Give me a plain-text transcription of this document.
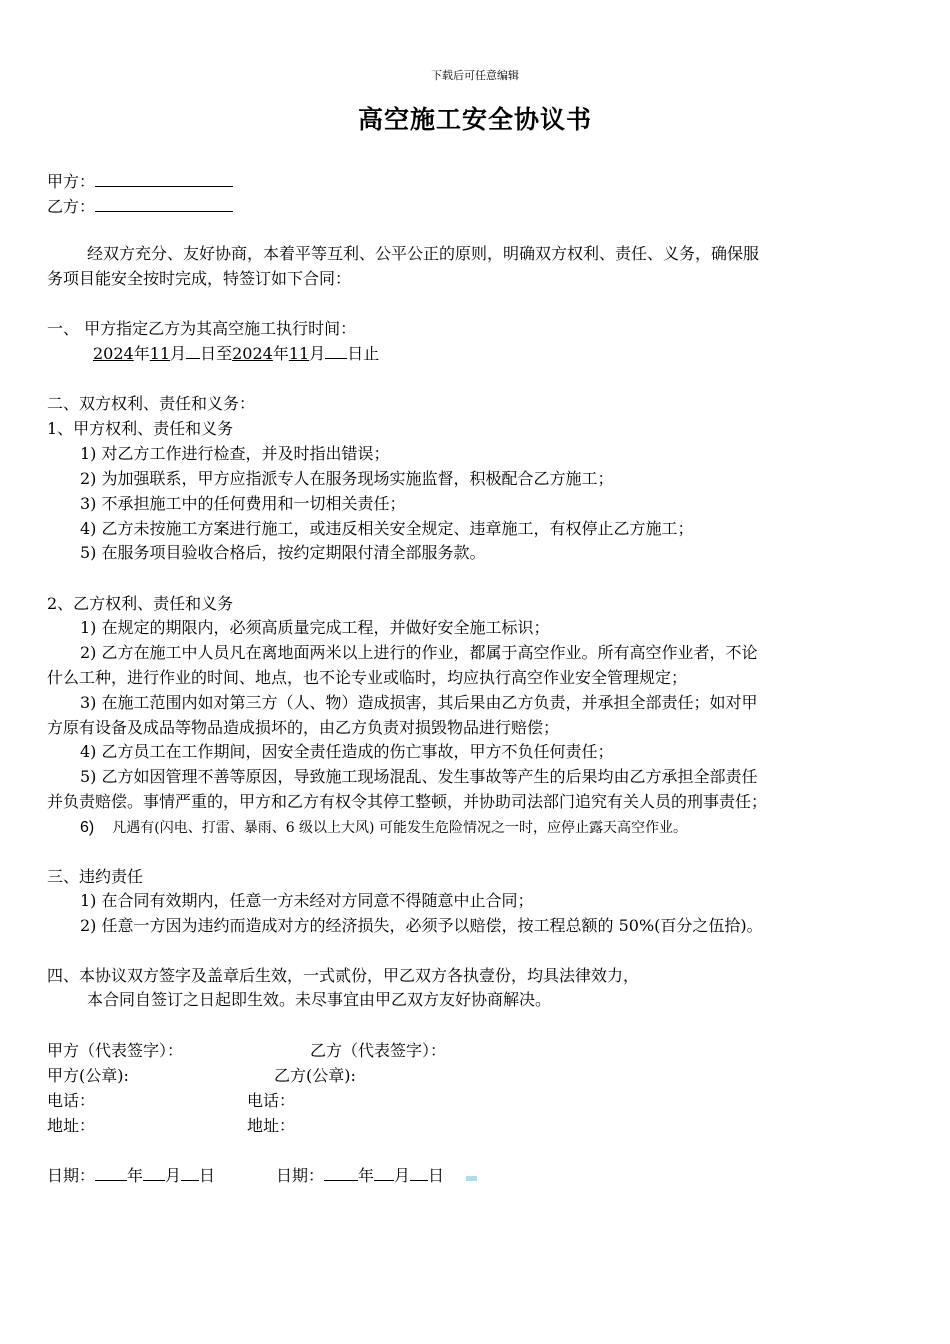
下载后可任意编辑
高空施工安全协议书
甲方：
乙方：
经双方充分、友好协商，本着平等互利、公平公正的原则，明确双方权利、责任、义务，确保服
务项目能安全按时完成，特签订如下合同：
一、 甲方指定乙方为其高空施工执行时间：
2024年11月 日至2024年11月 日止
二、双方权利、责任和义务：
1、甲方权利、责任和义务
1) 对乙方工作进行检查，并及时指出错误；
2) 为加强联系，甲方应指派专人在服务现场实施监督，积极配合乙方施工；
3) 不承担施工中的任何费用和一切相关责任；
4) 乙方未按施工方案进行施工，或违反相关安全规定、违章施工，有权停止乙方施工；
5) 在服务项目验收合格后，按约定期限付清全部服务款。
2、乙方权利、责任和义务
1) 在规定的期限内，必须高质量完成工程，并做好安全施工标识；
2) 乙方在施工中人员凡在离地面两米以上进行的作业，都属于高空作业。所有高空作业者，不论
什么工种，进行作业的时间、地点，也不论专业或临时，均应执行高空作业安全管理规定；
3) 在施工范围内如对第三方（人、物）造成损害，其后果由乙方负责，并承担全部责任；如对甲
方原有设备及成品等物品造成损坏的，由乙方负责对损毁物品进行赔偿；
4) 乙方员工在工作期间，因安全责任造成的伤亡事故，甲方不负任何责任；
5) 乙方如因管理不善等原因，导致施工现场混乱、发生事故等产生的后果均由乙方承担全部责任
并负责赔偿。事情严重的，甲方和乙方有权令其停工整顿，并协助司法部门追究有关人员的刑事责任；
6) 凡遇有(闪电、打雷、暴雨、6 级以上大风) 可能发生危险情况之一时，应停止露天高空作业。
三、违约责任
1) 在合同有效期内，任意一方未经对方同意不得随意中止合同；
2) 任意一方因为违约而造成对方的经济损失，必须予以赔偿，按工程总额的 50%(百分之伍拾)。
四、本协议双方签字及盖章后生效，一式贰份，甲乙双方各执壹份，均具法律效力，
本合同自签订之日起即生效。未尽事宜由甲乙双方友好协商解决。
甲方（代表签字）：	乙方（代表签字）：
甲方(公章):	乙方(公章):
电话：	电话：
地址：	地址：
日期： 年 月 日	日期： 年 月 日
